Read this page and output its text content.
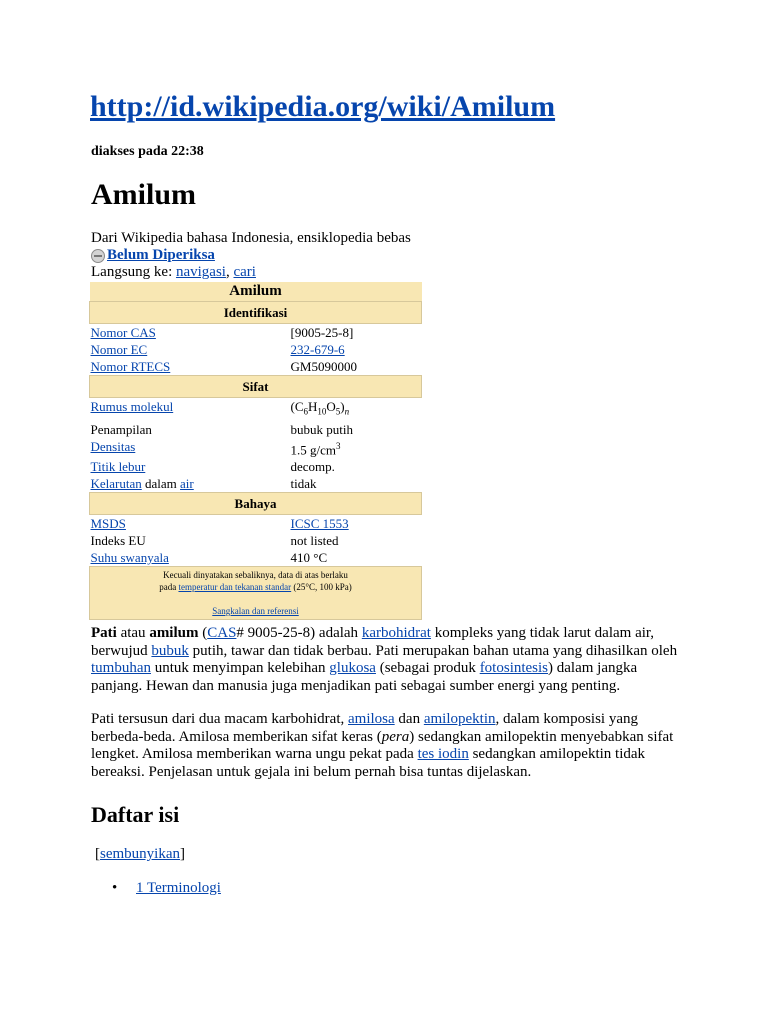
http://id.wikipedia.org/wiki/Amilum
diakses pada 22:38
Amilum
Dari Wikipedia bahasa Indonesia, ensiklopedia bebas
Belum Diperiksa
Langsung ke: navigasi, cari
Amilum	
Identifikasi	
Nomor CAS	[9005-25-8]
Nomor EC	232-679-6
Nomor RTECS	GM5090000
Sifat	
Rumus molekul	$(C_6H_{10}O_5)_n$
Penampilan	bubuk putih
Densitas	1.5 $g/cm^3$
Titik lebur	decomp.
Kelarutan dalam air	tidak
Bahaya	
MSDS	ICSC 1553
Indeks EU	not listed
Suhu swanyala	410 °C
Kecuali dinyatakan sebaliknya, data di atas berlaku
pada temperatur dan tekanan standar (25°C, 100 kPa)
Sangkalan dan referensi	
Pati atau amilum (CAS# 9005-25-8) adalah karbohidrat kompleks yang tidak larut dalam air, berwujud bubuk putih, tawar dan tidak berbau. Pati merupakan bahan utama yang dihasilkan oleh tumbuhan untuk menyimpan kelebihan glukosa (sebagai produk fotosintesis) dalam jangka panjang. Hewan dan manusia juga menjadikan pati sebagai sumber energi yang penting.
Pati tersusun dari dua macam karbohidrat, amilosa dan amilopektin, dalam komposisi yang berbeda-beda. Amilosa memberikan sifat keras (pera) sedangkan amilopektin menyebabkan sifat lengket. Amilosa memberikan warna ungu pekat pada tes iodin sedangkan amilopektin tidak bereaksi. Penjelasan untuk gejala ini belum pernah bisa tuntas dijelaskan.
Daftar isi
[sembunyikan]
• 1 Terminologi
